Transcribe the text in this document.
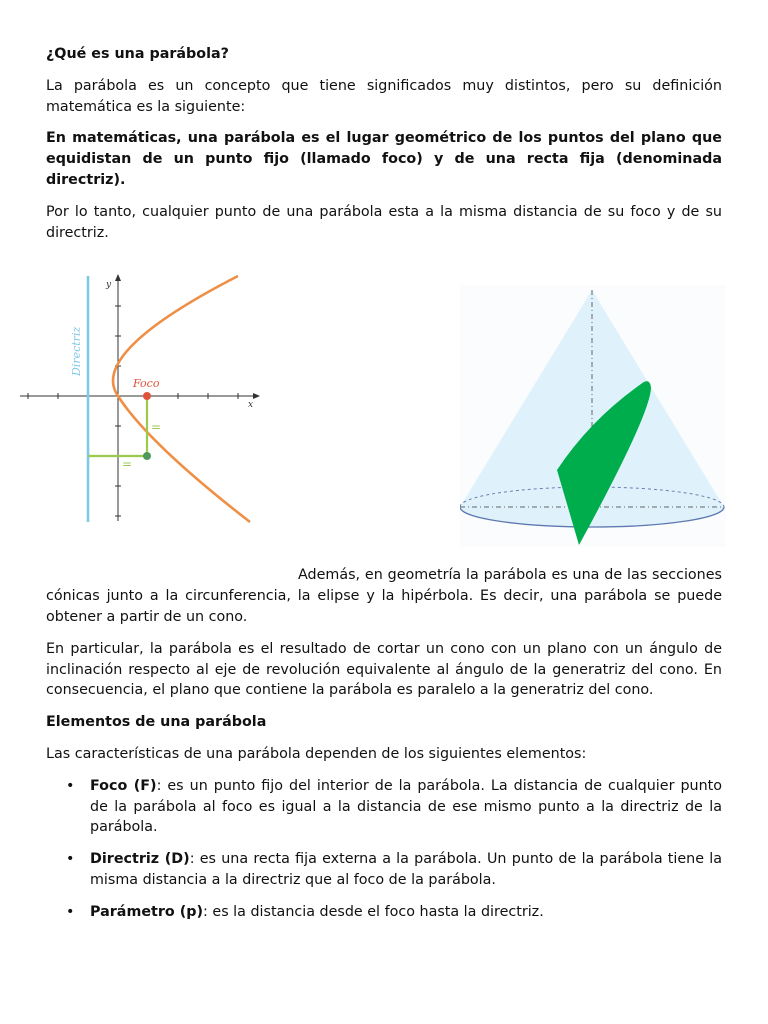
¿Qué es una parábola?

La parábola es un concepto que tiene significados muy distintos, pero su definición matemática es la siguiente:

En matemáticas, una parábola es el lugar geométrico de los puntos del plano que equidistan de un punto fijo (llamado foco) y de una recta fija (denominada directriz).

Por lo tanto, cualquier punto de una parábola esta a la misma distancia de su foco y de su directriz.

Directriz
=
=
Foco
x
y

Además, en geometría la parábola es una de las secciones cónicas junto a la circunferencia, la elipse y la hipérbola. Es decir, una parábola se puede obtener a partir de un cono.

En particular, la parábola es el resultado de cortar un cono con un plano con un ángulo de inclinación respecto al eje de revolución equivalente al ángulo de la generatriz del cono. En consecuencia, el plano que contiene la parábola es paralelo a la generatriz del cono.

Elementos de una parábola

Las características de una parábola dependen de los siguientes elementos:

• Foco (F): es un punto fijo del interior de la parábola. La distancia de cualquier punto de la parábola al foco es igual a la distancia de ese mismo punto a la directriz de la parábola.
• Directriz (D): es una recta fija externa a la parábola. Un punto de la parábola tiene la misma distancia a la directriz que al foco de la parábola.
• Parámetro (p): es la distancia desde el foco hasta la directriz.
